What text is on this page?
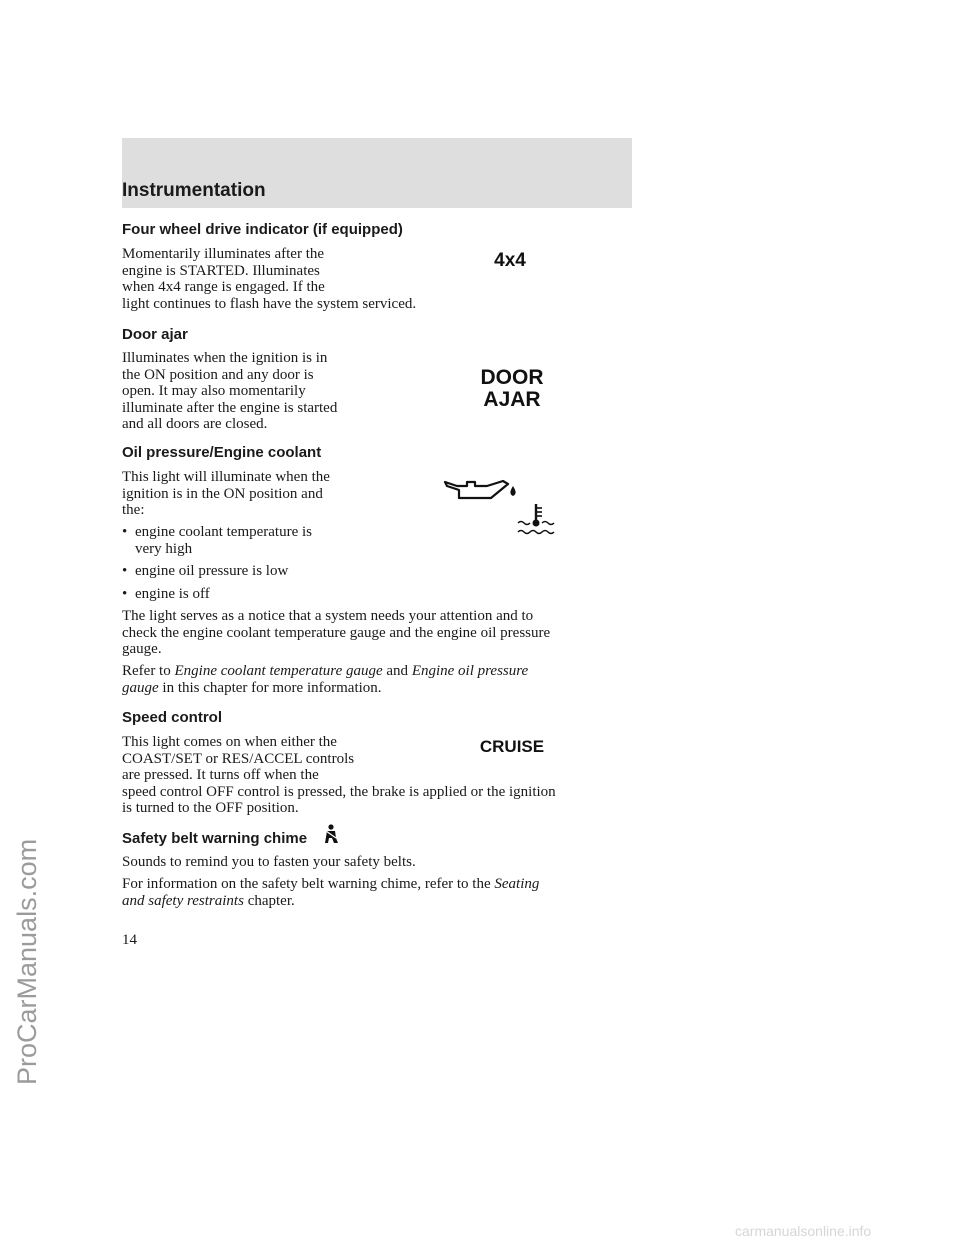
ProCarManuals.com
carmanualsonline.info
Instrumentation
Four wheel drive indicator (if equipped)
Momentarily illuminates after the
engine is STARTED. Illuminates
when 4x4 range is engaged. If the
light continues to flash have the system serviced.
4x4
Door ajar
Illuminates when the ignition is in
the ON position and any door is
open. It may also momentarily
illuminate after the engine is started
and all doors are closed.
DOOR
AJAR
Oil pressure/Engine coolant
This light will illuminate when the
ignition is in the ON position and
the:
• engine coolant temperature is
very high
• engine oil pressure is low
• engine is off
The light serves as a notice that a system needs your attention and to
check the engine coolant temperature gauge and the engine oil pressure
gauge.
Refer to Engine coolant temperature gauge and Engine oil pressure
gauge in this chapter for more information.
Speed control
This light comes on when either the
COAST/SET or RES/ACCEL controls
are pressed. It turns off when the
speed control OFF control is pressed, the brake is applied or the ignition
is turned to the OFF position.
CRUISE
Safety belt warning chime
Sounds to remind you to fasten your safety belts.
For information on the safety belt warning chime, refer to the Seating
and safety restraints chapter.
14
